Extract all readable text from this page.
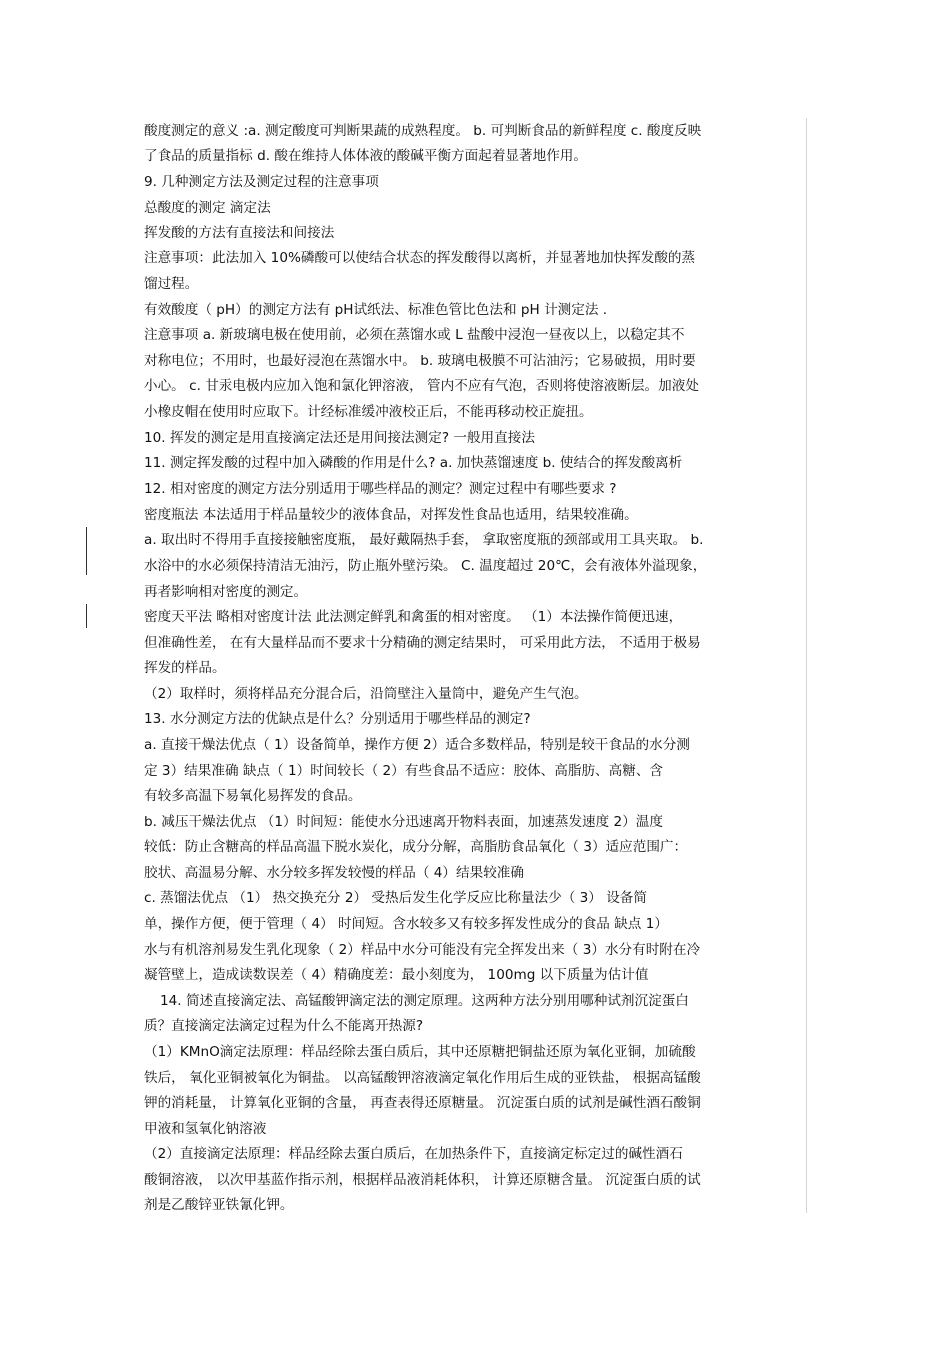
酸度测定的意义 :a. 测定酸度可判断果蔬的成熟程度。 b. 可判断食品的新鲜程度 c. 酸度反映
了食品的质量指标 d. 酸在维持人体体液的酸碱平衡方面起着显著地作用。
9. 几种测定方法及测定过程的注意事项
总酸度的测定 滴定法
挥发酸的方法有直接法和间接法
注意事项：此法加入 10%磷酸可以使结合状态的挥发酸得以离析，并显著地加快挥发酸的蒸
馏过程。
有效酸度（ pH）的测定方法有 pH试纸法、标准色管比色法和 pH 计测定法 .
注意事项 a. 新玻璃电极在使用前，必须在蒸馏水或 L 盐酸中浸泡一昼夜以上，以稳定其不
对称电位；不用时，也最好浸泡在蒸馏水中。 b. 玻璃电极膜不可沾油污；它易破损，用时要
小心。 c. 甘汞电极内应加入饱和氯化钾溶液， 管内不应有气泡，否则将使溶液断层。加液处
小橡皮帽在使用时应取下。计经标准缓冲液校正后，不能再移动校正旋扭。
10. 挥发的测定是用直接滴定法还是用间接法测定? 一般用直接法
11. 测定挥发酸的过程中加入磷酸的作用是什么? a. 加快蒸馏速度 b. 使结合的挥发酸离析
12. 相对密度的测定方法分别适用于哪些样品的测定？测定过程中有哪些要求 ?
密度瓶法 本法适用于样品量较少的液体食品，对挥发性食品也适用，结果较准确。
a. 取出时不得用手直接接触密度瓶， 最好戴隔热手套， 拿取密度瓶的颈部或用工具夹取。 b.
水浴中的水必须保持清洁无油污，防止瓶外壁污染。 C. 温度超过 20℃，会有液体外溢现象，
再者影响相对密度的测定。
密度天平法 略相对密度计法 此法测定鲜乳和禽蛋的相对密度。 （1）本法操作简便迅速，
但准确性差， 在有大量样品而不要求十分精确的测定结果时， 可采用此方法， 不适用于极易
挥发的样品。
（2）取样时，须将样品充分混合后，沿筒壁注入量筒中，避免产生气泡。
13. 水分测定方法的优缺点是什么？分别适用于哪些样品的测定?
a. 直接干燥法优点（ 1）设备简单，操作方便 2）适合多数样品，特别是较干食品的水分测
定 3）结果准确 缺点（ 1）时间较长（ 2）有些食品不适应：胶体、高脂肪、高糖、含
有较多高温下易氧化易挥发的食品。
b. 减压干燥法优点 （1）时间短：能使水分迅速离开物料表面，加速蒸发速度 2）温度
较低：防止含糖高的样品高温下脱水炭化，成分分解，高脂肪食品氧化（ 3）适应范围广：
胶状、高温易分解、水分较多挥发较慢的样品（ 4）结果较准确
c. 蒸馏法优点 （1） 热交换充分 2） 受热后发生化学反应比称量法少（ 3） 设备简
单，操作方便，便于管理（ 4） 时间短。含水较多又有较多挥发性成分的食品 缺点 1）
水与有机溶剂易发生乳化现象（ 2）样品中水分可能没有完全挥发出来（ 3）水分有时附在冷
凝管壁上，造成读数误差（ 4）精确度差：最小刻度为， 100mg 以下质量为估计值
14. 简述直接滴定法、高锰酸钾滴定法的测定原理。这两种方法分别用哪种试剂沉淀蛋白
质？直接滴定法滴定过程为什么不能离开热源?
（1）KMnO滴定法原理：样品经除去蛋白质后，其中还原糖把铜盐还原为氧化亚铜，加硫酸
铁后， 氧化亚铜被氧化为铜盐。 以高锰酸钾溶液滴定氧化作用后生成的亚铁盐， 根据高锰酸
钾的消耗量， 计算氧化亚铜的含量， 再查表得还原糖量。 沉淀蛋白质的试剂是碱性酒石酸铜
甲液和氢氧化钠溶液
（2）直接滴定法原理：样品经除去蛋白质后，在加热条件下，直接滴定标定过的碱性酒石
酸铜溶液， 以次甲基蓝作指示剂，根据样品液消耗体积， 计算还原糖含量。 沉淀蛋白质的试
剂是乙酸锌亚铁氰化钾。
